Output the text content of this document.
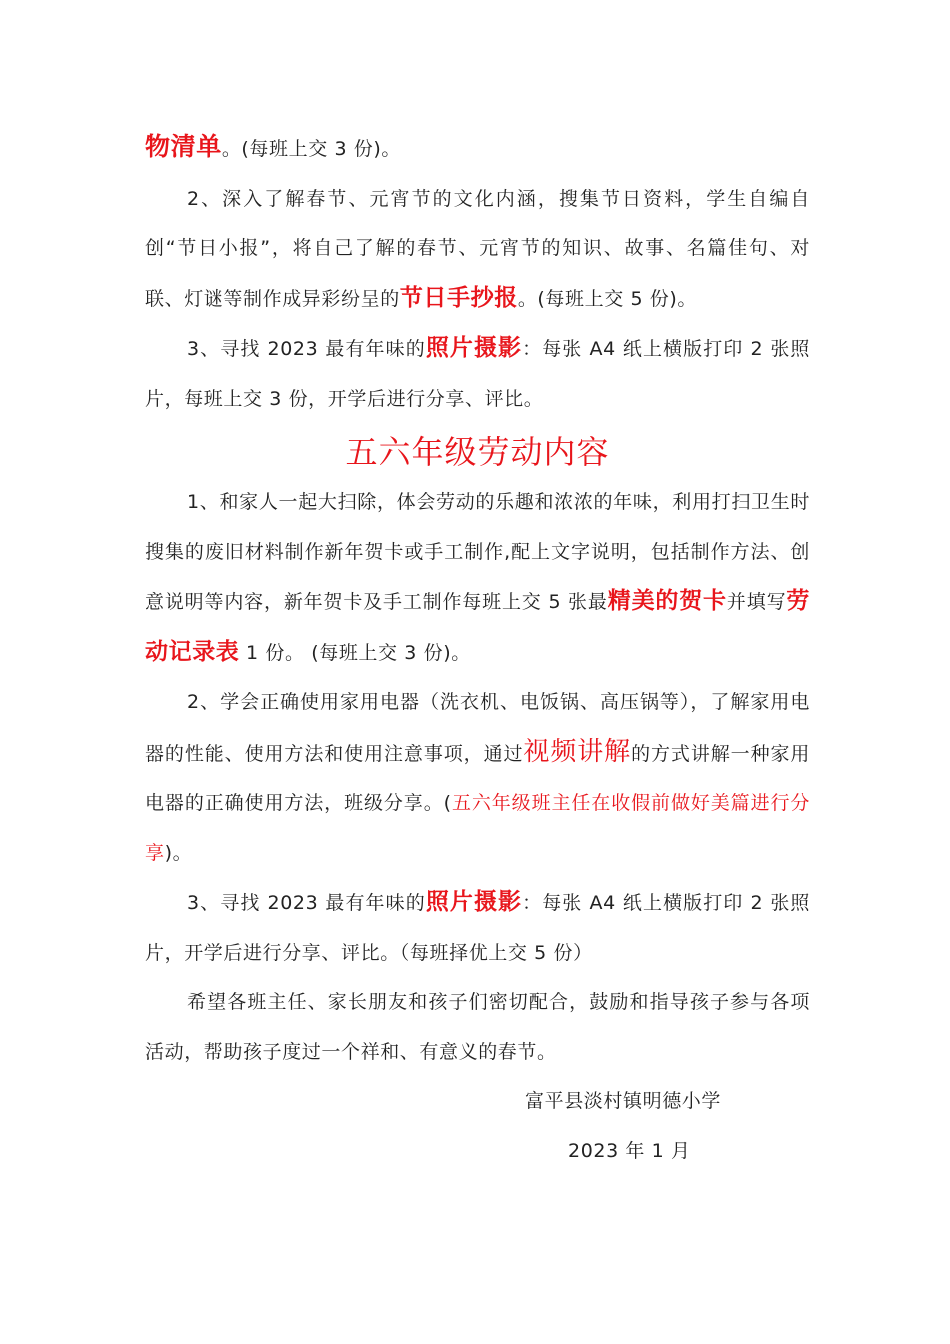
物清单。(每班上交 3 份)。

2、深入了解春节、元宵节的文化内涵，搜集节日资料，学生自编自创“节日小报”，将自己了解的春节、元宵节的知识、故事、名篇佳句、对联、灯谜等制作成异彩纷呈的节日手抄报。(每班上交 5 份)。

3、寻找 2023 最有年味的照片摄影：每张 A4 纸上横版打印 2 张照片，每班上交 3 份，开学后进行分享、评比。

五六年级劳动内容

1、和家人一起大扫除，体会劳动的乐趣和浓浓的年味，利用打扫卫生时搜集的废旧材料制作新年贺卡或手工制作,配上文字说明，包括制作方法、创意说明等内容，新年贺卡及手工制作每班上交 5 张最精美的贺卡并填写劳动记录表 1 份。 (每班上交 3 份)。

2、学会正确使用家用电器（洗衣机、电饭锅、高压锅等），了解家用电器的性能、使用方法和使用注意事项，通过视频讲解的方式讲解一种家用电器的正确使用方法，班级分享。(五六年级班主任在收假前做好美篇进行分享)。

3、寻找 2023 最有年味的照片摄影：每张 A4 纸上横版打印 2 张照片，开学后进行分享、评比。（每班择优上交 5 份）

希望各班主任、家长朋友和孩子们密切配合，鼓励和指导孩子参与各项活动，帮助孩子度过一个祥和、有意义的春节。

富平县淡村镇明德小学

2023 年 1 月
